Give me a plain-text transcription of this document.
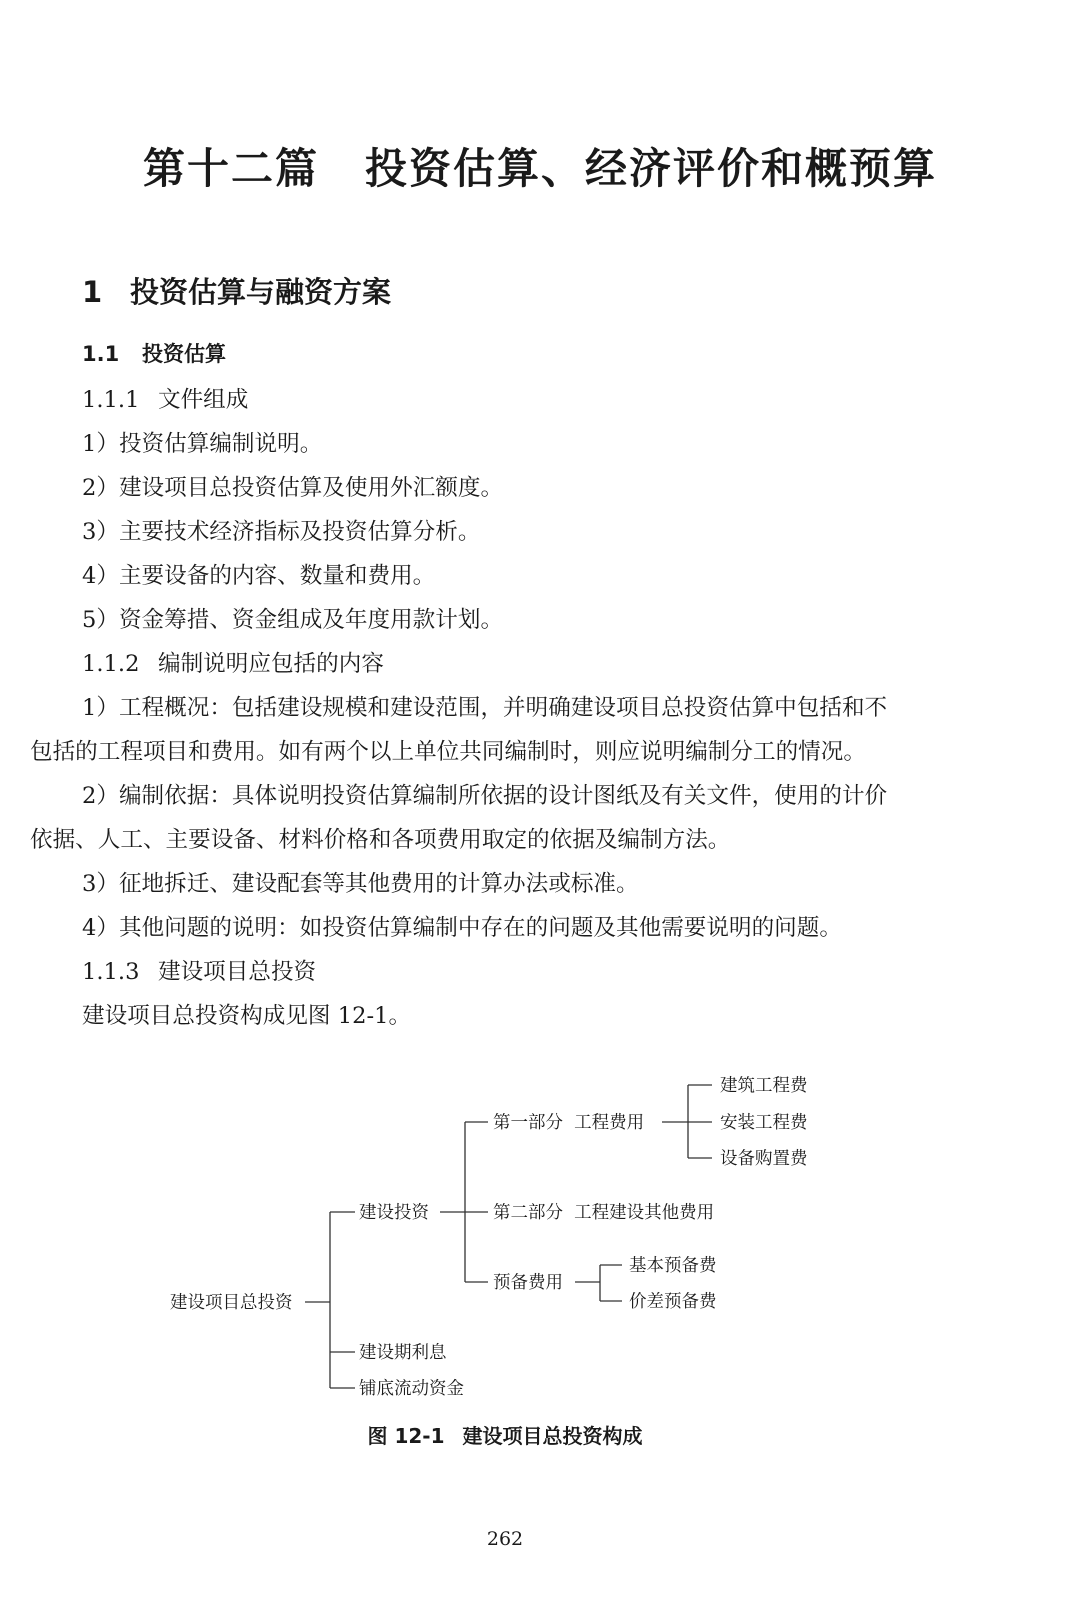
第十二篇 投资估算、经济评价和概预算
1 投资估算与融资方案
1.1 投资估算
1.1.1 文件组成
1）投资估算编制说明。
2）建设项目总投资估算及使用外汇额度。
3）主要技术经济指标及投资估算分析。
4）主要设备的内容、数量和费用。
5）资金筹措、资金组成及年度用款计划。
1.1.2 编制说明应包括的内容
1）工程概况：包括建设规模和建设范围，并明确建设项目总投资估算中包括和不
包括的工程项目和费用。如有两个以上单位共同编制时，则应说明编制分工的情况。
2）编制依据：具体说明投资估算编制所依据的设计图纸及有关文件，使用的计价
依据、人工、主要设备、材料价格和各项费用取定的依据及编制方法。
3）征地拆迁、建设配套等其他费用的计算办法或标准。
4）其他问题的说明：如投资估算编制中存在的问题及其他需要说明的问题。
1.1.3 建设项目总投资
建设项目总投资构成见图 12-1。
建设项目总投资
建设投资
第一部分  工程费用
建筑工程费
安装工程费
设备购置费
第二部分  工程建设其他费用
预备费用
基本预备费
价差预备费
建设期利息
铺底流动资金
图 12-1 建设项目总投资构成
262
